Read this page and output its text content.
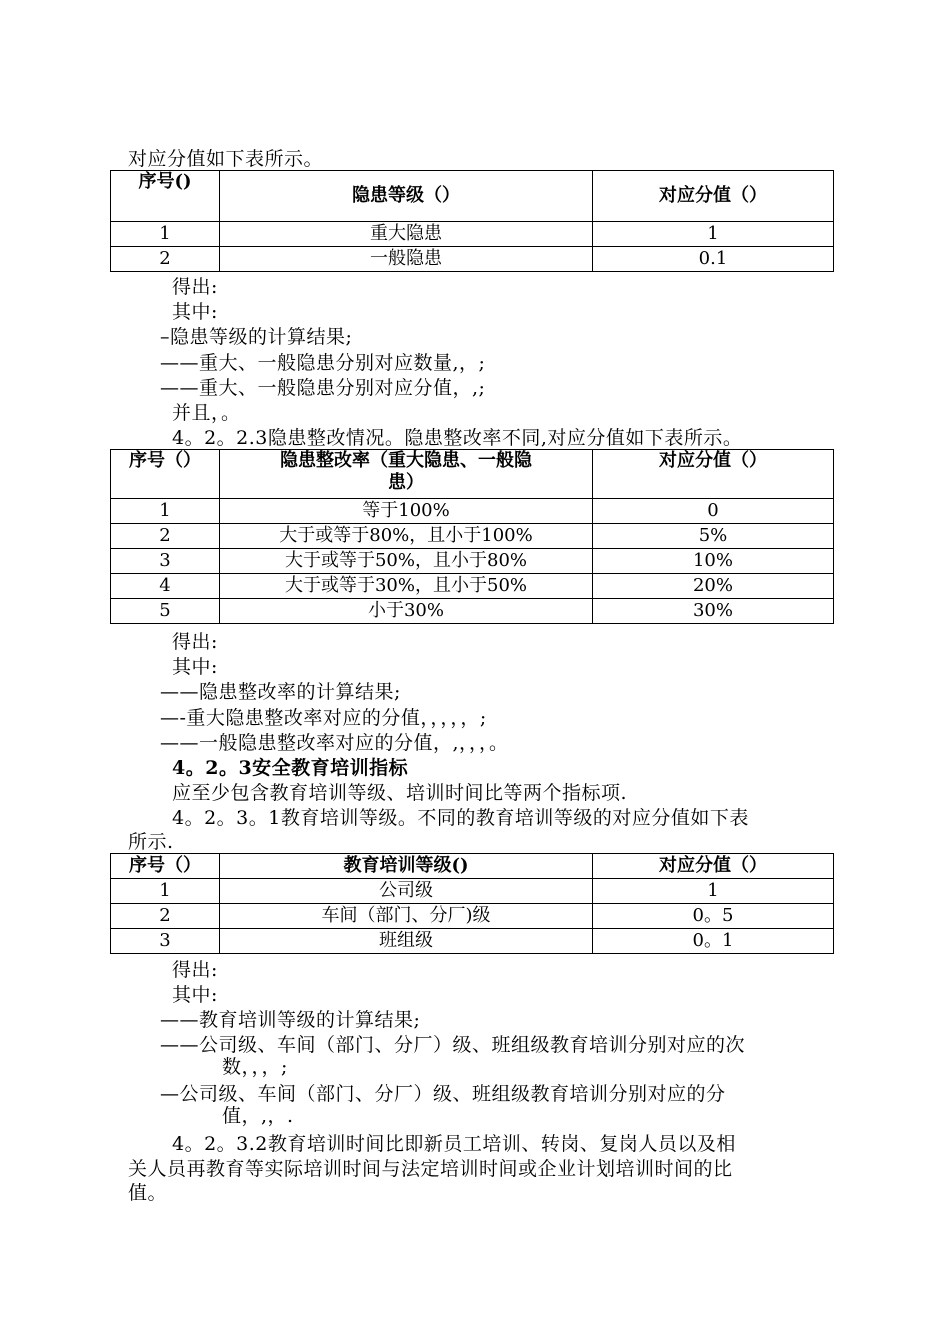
对应分值如下表所示。
序号()	隐患等级（）	对应分值（）
1	重大隐患	1
2	一般隐患	0.1
得出:
其中:
–隐患等级的计算结果;
——重大、一般隐患分别对应数量,，;
——重大、一般隐患分别对应分值，,;
并且，。
4。2。2.3隐患整改情况。隐患整改率不同,对应分值如下表所示。
序号（）	隐患整改率（重大隐患、一般隐
患）	对应分值（）
1	等于100%	0
2	大于或等于80%，且小于100%	5%
3	大于或等于50%，且小于80%	10%
4	大于或等于30%，且小于50%	20%
5	小于30%	30%
得出:
其中:
——隐患整改率的计算结果;
—-重大隐患整改率对应的分值，，，，，;
——一般隐患整改率对应的分值，,，，，。
4。2。3安全教育培训指标
应至少包含教育培训等级、培训时间比等两个指标项.
4。2。3。1教育培训等级。不同的教育培训等级的对应分值如下表
所示.
序号（）	教育培训等级()	对应分值（）
1	公司级	1
2	车间（部门、分厂)级	0。5
3	班组级	0。1
得出:
其中:
——教育培训等级的计算结果;
——公司级、车间（部门、分厂）级、班组级教育培训分别对应的次
数，，，;
—公司级、车间（部门、分厂）级、班组级教育培训分别对应的分
值，,，.
4。2。3.2教育培训时间比即新员工培训、转岗、复岗人员以及相
关人员再教育等实际培训时间与法定培训时间或企业计划培训时间的比
值。
